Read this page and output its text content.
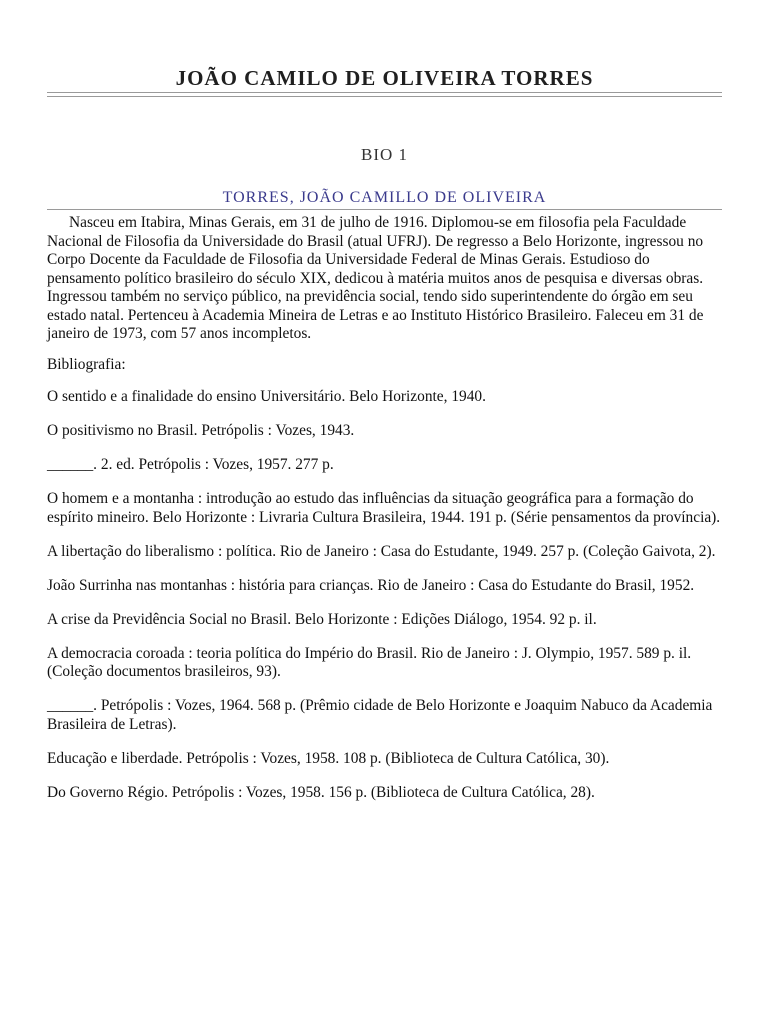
JOÃO CAMILO DE OLIVEIRA TORRES
BIO 1
TORRES, JOÃO CAMILLO DE OLIVEIRA

Nasceu em Itabira, Minas Gerais, em 31 de julho de 1916. Diplomou-se em filosofia pela Faculdade Nacional de Filosofia da Universidade do Brasil (atual UFRJ). De regresso a Belo Horizonte, ingressou no Corpo Docente da Faculdade de Filosofia da Universidade Federal de Minas Gerais. Estudioso do pensamento político brasileiro do século XIX, dedicou à matéria muitos anos de pesquisa e diversas obras. Ingressou também no serviço público, na previdência social, tendo sido superintendente do órgão em seu estado natal. Pertenceu à Academia Mineira de Letras e ao Instituto Histórico Brasileiro. Faleceu em 31 de janeiro de 1973, com 57 anos incompletos.

Bibliografia:

O sentido e a finalidade do ensino Universitário. Belo Horizonte, 1940.

O positivismo no Brasil. Petrópolis : Vozes, 1943.

______. 2. ed. Petrópolis : Vozes, 1957. 277 p.

O homem e a montanha : introdução ao estudo das influências da situação geográfica para a formação do espírito mineiro. Belo Horizonte : Livraria Cultura Brasileira, 1944. 191 p. (Série pensamentos da província).

A libertação do liberalismo : política. Rio de Janeiro : Casa do Estudante, 1949. 257 p. (Coleção Gaivota, 2).

João Surrinha nas montanhas : história para crianças. Rio de Janeiro : Casa do Estudante do Brasil, 1952.

A crise da Previdência Social no Brasil. Belo Horizonte : Edições Diálogo, 1954. 92 p. il.

A democracia coroada : teoria política do Império do Brasil. Rio de Janeiro : J. Olympio, 1957. 589 p. il. (Coleção documentos brasileiros, 93).

______. Petrópolis : Vozes, 1964. 568 p. (Prêmio cidade de Belo Horizonte e Joaquim Nabuco da Academia Brasileira de Letras).

Educação e liberdade. Petrópolis : Vozes, 1958. 108 p. (Biblioteca de Cultura Católica, 30).

Do Governo Régio. Petrópolis : Vozes, 1958. 156 p. (Biblioteca de Cultura Católica, 28).
